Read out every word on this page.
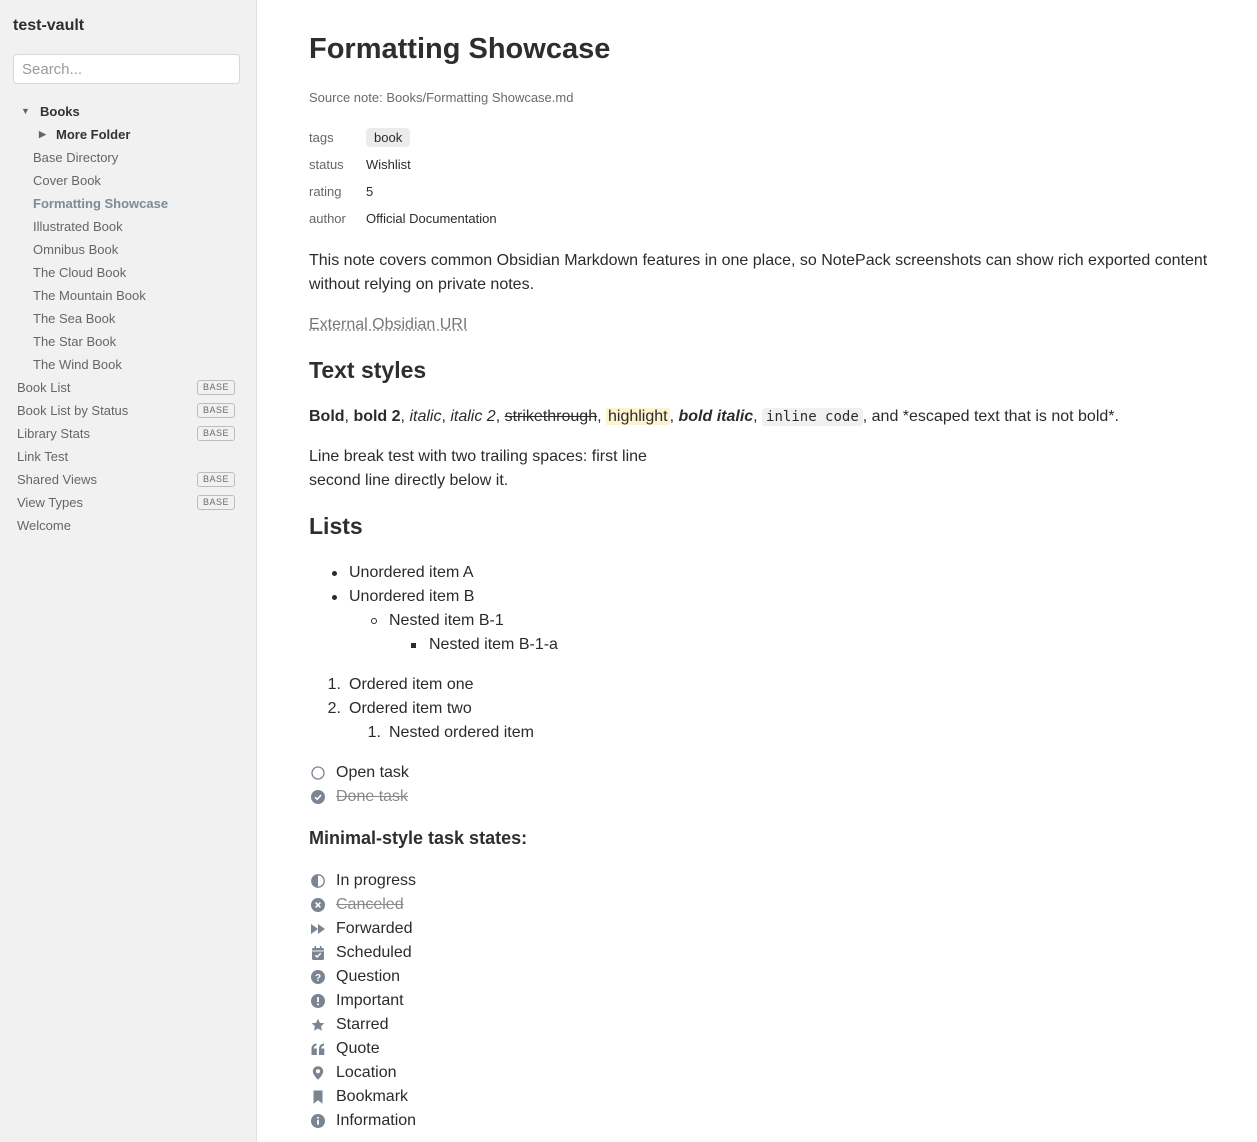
test-vault
Search...
▼ Books
▶ More Folder
Base Directory
Cover Book
Formatting Showcase
Illustrated Book
Omnibus Book
The Cloud Book
The Mountain Book
The Sea Book
The Star Book
The Wind Book
Book List	BASE
Book List by Status	BASE
Library Stats	BASE
Link Test
Shared Views	BASE
View Types	BASE
Welcome
Formatting Showcase
Source note: Books/Formatting Showcase.md
tags	book
status Wishlist
rating 5
author Official Documentation

This note covers common Obsidian Markdown features in one place, so NotePack screenshots can show rich exported content without relying on private notes.

External Obsidian URI

Text styles

Bold, bold 2, italic, italic 2, strikethrough, highlight , bold italic, inline code , and *escaped text that is not bold*.

Line break test with two trailing spaces: first line

second line directly below it.

Lists
Unordered item A
Unordered item B
Nested item B-1
Nested item B-1-a
1. Ordered item one
2. Ordered item two
1. Nested ordered item
Open task
Done task
Minimal-style task states:
In progress
Canceled
Forwarded
Scheduled
? Question
Important
Starred
Quote
Location
Bookmark
Information
